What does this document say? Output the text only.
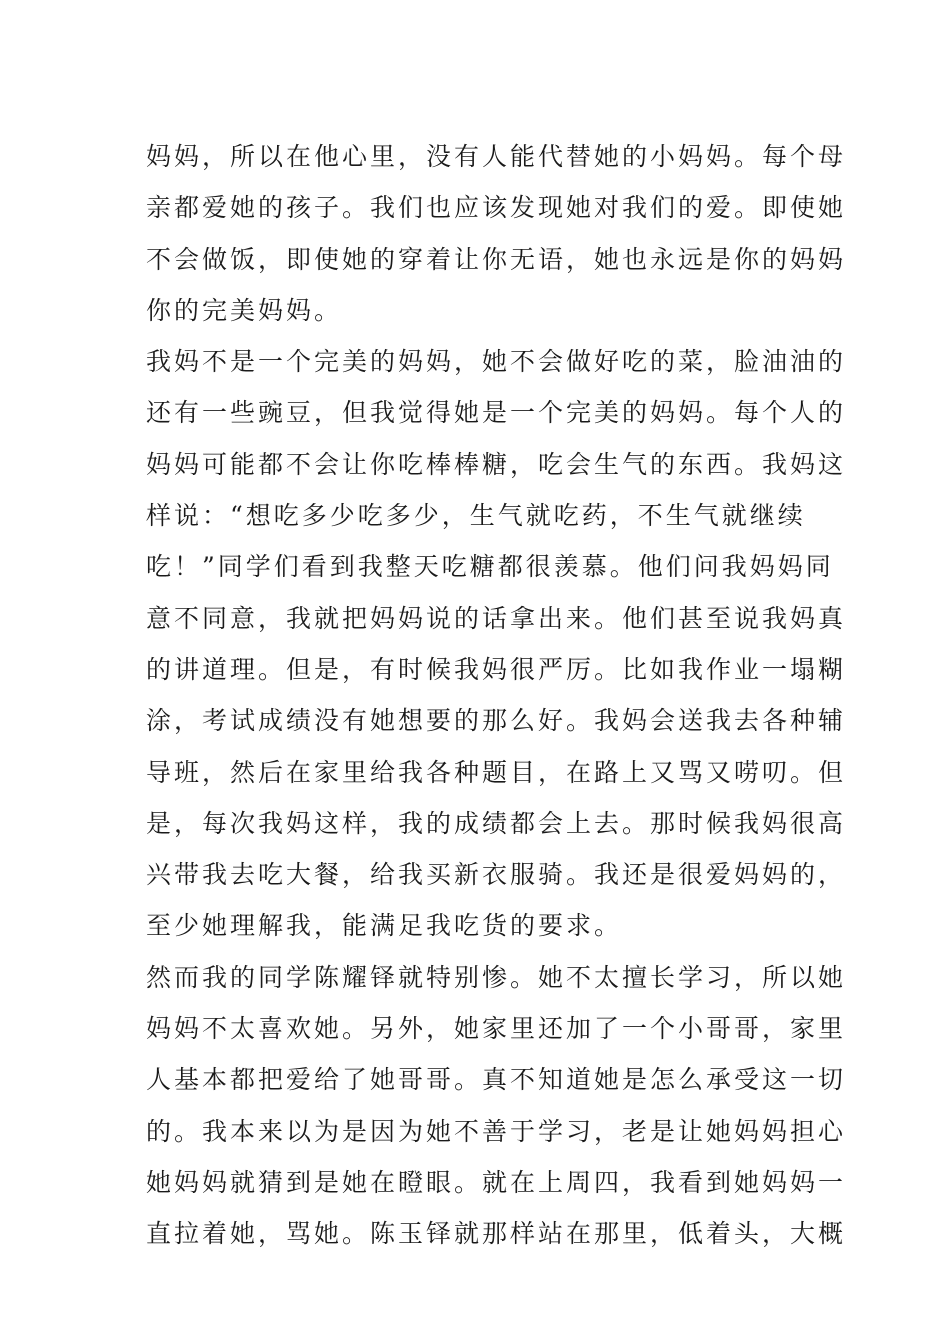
妈妈，所以在他心里，没有人能代替她的小妈妈。每个母
亲都爱她的孩子。我们也应该发现她对我们的爱。即使她
不会做饭，即使她的穿着让你无语，她也永远是你的妈妈
你的完美妈妈。
我妈不是一个完美的妈妈，她不会做好吃的菜，脸油油的
还有一些豌豆，但我觉得她是一个完美的妈妈。每个人的
妈妈可能都不会让你吃棒棒糖，吃会生气的东西。我妈这
样说：“想吃多少吃多少，生气就吃药，不生气就继续
吃！”同学们看到我整天吃糖都很羡慕。他们问我妈妈同
意不同意，我就把妈妈说的话拿出来。他们甚至说我妈真
的讲道理。但是，有时候我妈很严厉。比如我作业一塌糊
涂，考试成绩没有她想要的那么好。我妈会送我去各种辅
导班，然后在家里给我各种题目，在路上又骂又唠叨。但
是，每次我妈这样，我的成绩都会上去。那时候我妈很高
兴带我去吃大餐，给我买新衣服骑。我还是很爱妈妈的，
至少她理解我，能满足我吃货的要求。
然而我的同学陈耀铎就特别惨。她不太擅长学习，所以她
妈妈不太喜欢她。另外，她家里还加了一个小哥哥，家里
人基本都把爱给了她哥哥。真不知道她是怎么承受这一切
的。我本来以为是因为她不善于学习，老是让她妈妈担心
她妈妈就猜到是她在瞪眼。就在上周四，我看到她妈妈一
直拉着她，骂她。陈玉铎就那样站在那里，低着头，大概
